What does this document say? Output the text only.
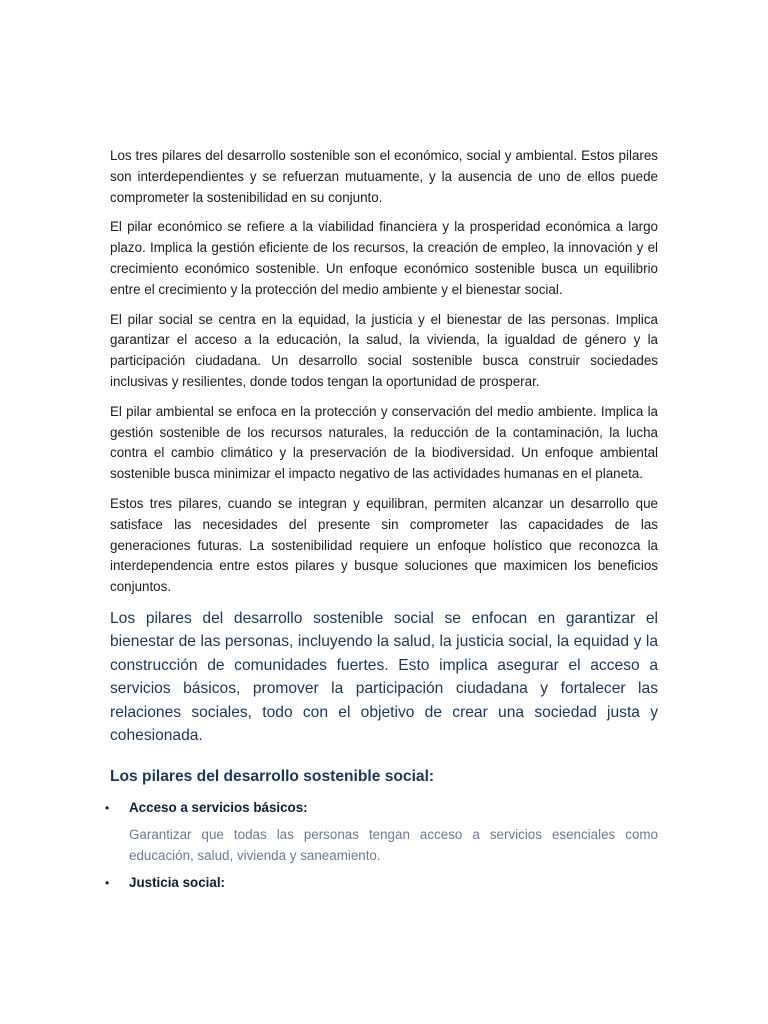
Los tres pilares del desarrollo sostenible son el económico, social y ambiental. Estos pilares son interdependientes y se refuerzan mutuamente, y la ausencia de uno de ellos puede comprometer la sostenibilidad en su conjunto.

El pilar económico se refiere a la viabilidad financiera y la prosperidad económica a largo plazo. Implica la gestión eficiente de los recursos, la creación de empleo, la innovación y el crecimiento económico sostenible. Un enfoque económico sostenible busca un equilibrio entre el crecimiento y la protección del medio ambiente y el bienestar social.

El pilar social se centra en la equidad, la justicia y el bienestar de las personas. Implica garantizar el acceso a la educación, la salud, la vivienda, la igualdad de género y la participación ciudadana. Un desarrollo social sostenible busca construir sociedades inclusivas y resilientes, donde todos tengan la oportunidad de prosperar.

El pilar ambiental se enfoca en la protección y conservación del medio ambiente. Implica la gestión sostenible de los recursos naturales, la reducción de la contaminación, la lucha contra el cambio climático y la preservación de la biodiversidad. Un enfoque ambiental sostenible busca minimizar el impacto negativo de las actividades humanas en el planeta.

Estos tres pilares, cuando se integran y equilibran, permiten alcanzar un desarrollo que satisface las necesidades del presente sin comprometer las capacidades de las generaciones futuras. La sostenibilidad requiere un enfoque holístico que reconozca la interdependencia entre estos pilares y busque soluciones que maximicen los beneficios conjuntos.

Los pilares del desarrollo sostenible social se enfocan en garantizar el bienestar de las personas, incluyendo la salud, la justicia social, la equidad y la construcción de comunidades fuertes. Esto implica asegurar el acceso a servicios básicos, promover la participación ciudadana y fortalecer las relaciones sociales, todo con el objetivo de crear una sociedad justa y cohesionada.

Los pilares del desarrollo sostenible social:
• Acceso a servicios básicos:
Garantizar que todas las personas tengan acceso a servicios esenciales como educación, salud, vivienda y saneamiento.
• Justicia social:
